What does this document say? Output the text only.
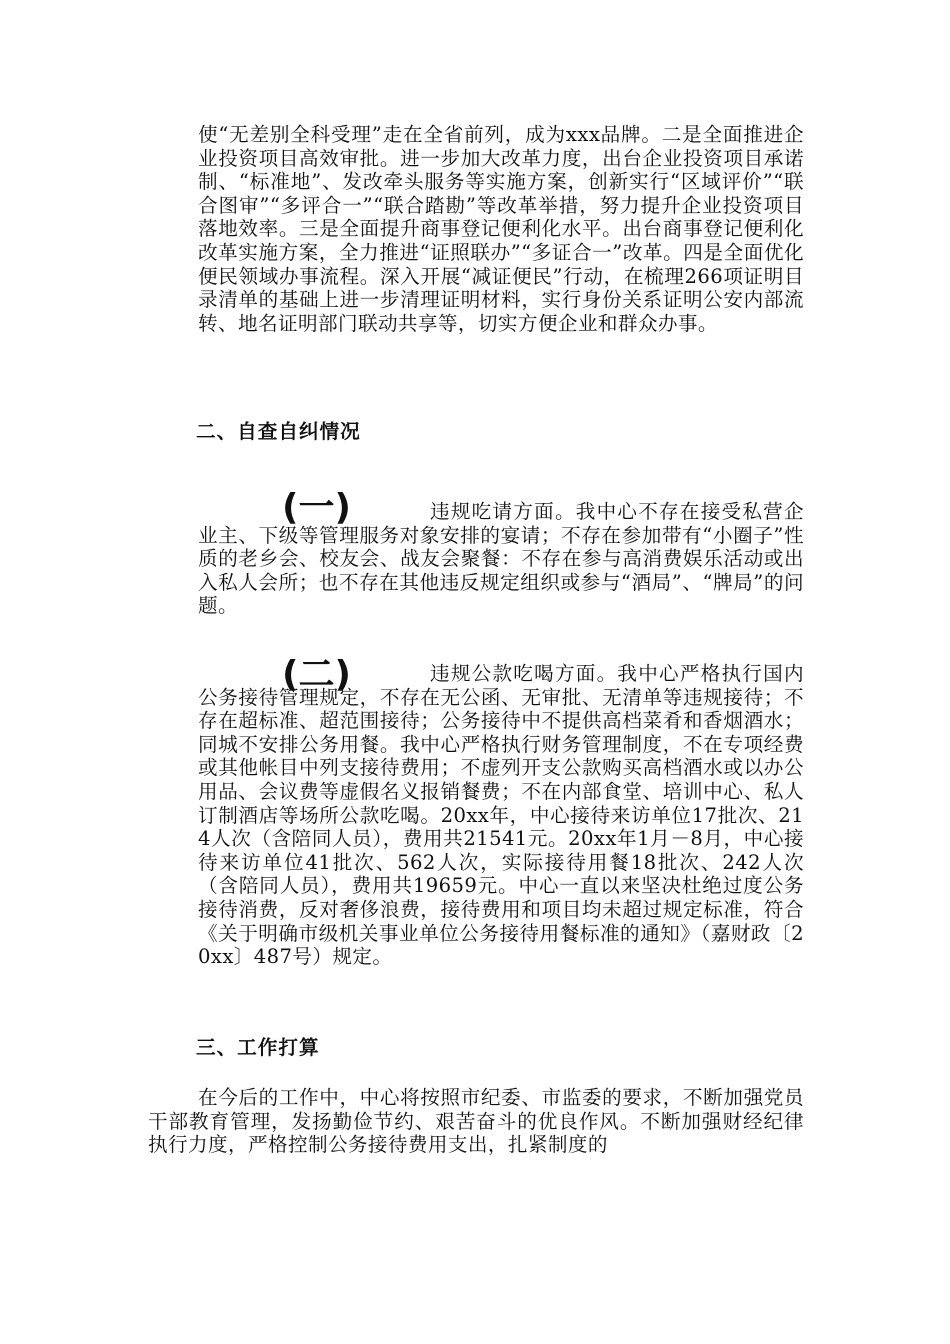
使“无差别全科受理”走在全省前列，成为xxx品牌。二是全面推进企业投资项目高效审批。进一步加大改革力度，出台企业投资项目承诺制、“标准地”、发改牵头服务等实施方案，创新实行“区域评价”“联合图审”“多评合一”“联合踏勘”等改革举措，努力提升企业投资项目落地效率。三是全面提升商事登记便利化水平。出台商事登记便利化改革实施方案，全力推进“证照联办”“多证合一”改革。四是全面优化便民领域办事流程。深入开展“减证便民”行动，在梳理266项证明目录清单的基础上进一步清理证明材料，实行身份关系证明公安内部流转、地名证明部门联动共享等，切实方便企业和群众办事。

二、自查自纠情况
(一)	违规吃请方面。我中心不存在接受私营企业主、下级等管理服务对象安排的宴请；不存在参加带有“小圈子”性质的老乡会、校友会、战友会聚餐：不存在参与高消费娱乐活动或出入私人会所；也不存在其他违反规定组织或参与“酒局”、“牌局”的问题。

(二)	违规公款吃喝方面。我中心严格执行国内公务接待管理规定，不存在无公函、无审批、无清单等违规接待；不存在超标准、超范围接待；公务接待中不提供高档菜肴和香烟酒水；同城不安排公务用餐。我中心严格执行财务管理制度，不在专项经费或其他帐目中列支接待费用；不虚列开支公款购买高档酒水或以办公用品、会议费等虚假名义报销餐费；不在内部食堂、培训中心、私人订制酒店等场所公款吃喝。20xx年，中心接待来访单位17批次、214人次（含陪同人员），费用共21541元。20xx年1月－8月，中心接待来访单位41批次、562人次，实际接待用餐18批次、242人次（含陪同人员），费用共19659元。中心一直以来坚决杜绝过度公务接待消费，反对奢侈浪费，接待费用和项目均未超过规定标准，符合《关于明确市级机关事业单位公务接待用餐标准的通知》（嘉财政〔20xx〕487号）规定。

三、工作打算

在今后的工作中，中心将按照市纪委、市监委的要求，不断加强党员干部教育管理，发扬勤俭节约、艰苦奋斗的优良作风。不断加强财经纪律执行力度，严格控制公务接待费用支出，扎紧制度的
